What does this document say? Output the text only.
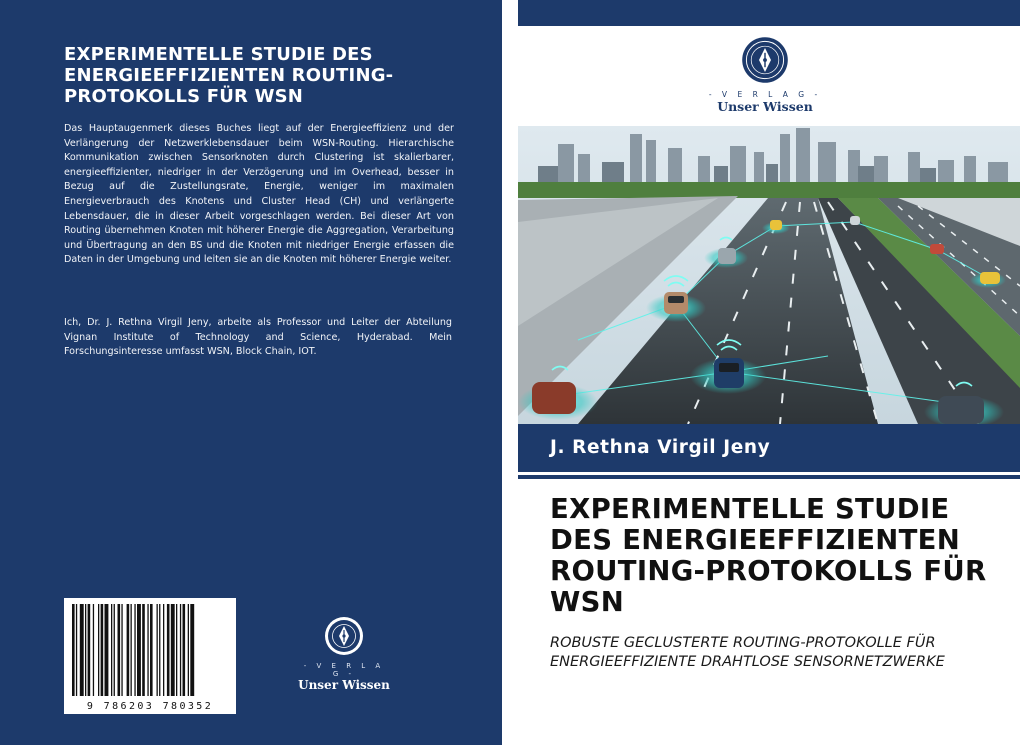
EXPERIMENTELLE STUDIE DES ENERGIEEFFIZIENTEN ROUTING-PROTOKOLLS FÜR WSN

Das Hauptaugenmerk dieses Buches liegt auf der Energieeffizienz und der Verlängerung der Netzwerklebensdauer beim WSN-Routing. Hierarchische Kommunikation zwischen Sensorknoten durch Clustering ist skalierbarer, energieeffizienter, niedriger in der Verzögerung und im Overhead, besser in Bezug auf die Zustellungsrate, Energie, weniger im maximalen Energieverbrauch des Knotens und Cluster Head (CH) und verlängerte Lebensdauer, die in dieser Arbeit vorgeschlagen werden. Bei dieser Art von Routing übernehmen Knoten mit höherer Energie die Aggregation, Verarbeitung und Übertragung an den BS und die Knoten mit niedriger Energie erfassen die Daten in der Umgebung und leiten sie an die Knoten mit höherer Energie weiter.

Ich, Dr. J. Rethna Virgil Jeny, arbeite als Professor und Leiter der Abteilung Vignan Institute of Technology and Science, Hyderabad. Mein Forschungsinteresse umfasst WSN, Block Chain, IOT.

9 786203 780352
- V E R L A G -
Unser Wissen
- V E R L A G -
Unser Wissen
J. Rethna Virgil Jeny
EXPERIMENTELLE STUDIE DES ENERGIEEFFIZIENTEN ROUTING-PROTOKOLLS FÜR WSN

ROBUSTE GECLUSTERTE ROUTING-PROTOKOLLE FÜR ENERGIEEFFIZIENTE DRAHTLOSE SENSORNETZWERKE
